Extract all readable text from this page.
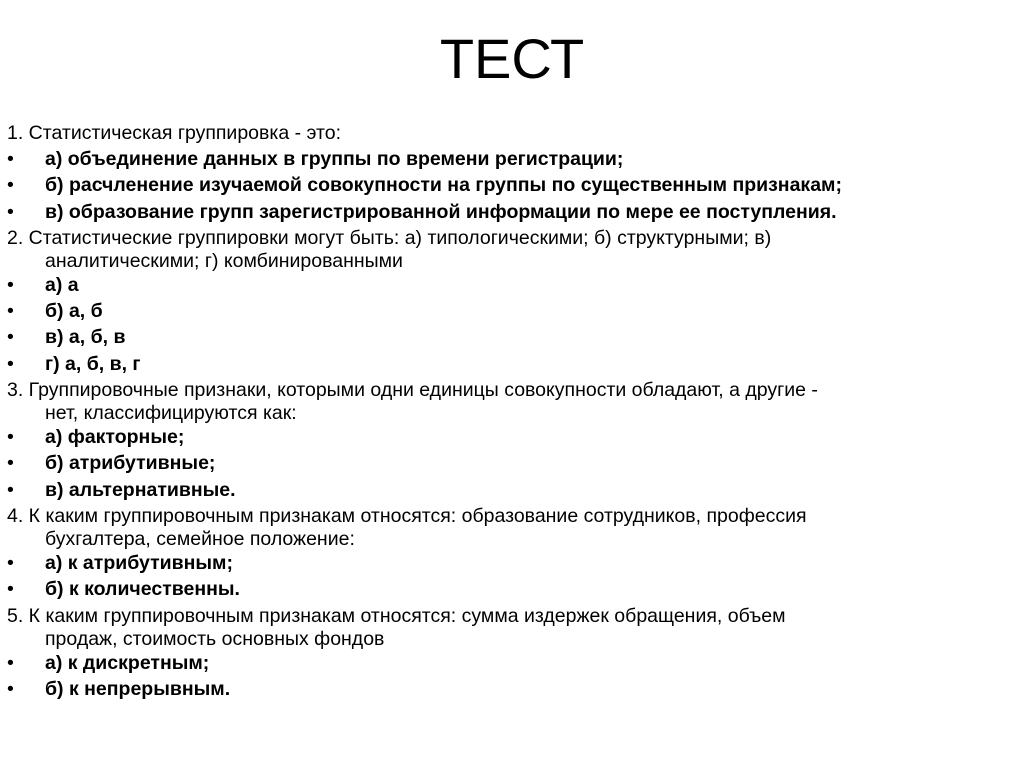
ТЕСТ
1. Статистическая группировка - это:
• а) объединение данных в группы по времени регистрации;
• б) расчленение изучаемой совокупности на группы по существенным признакам;
• в) образование групп зарегистрированной информации по мере ее поступления.
2. Статистические группировки могут быть: а) типологическими; б) структурными; в)
аналитическими; г) комбинированными
• а) а
• б) а, б
• в) а, б, в
• г) а, б, в, г
3. Группировочные признаки, которыми одни единицы совокупности обладают, а другие -
нет, классифицируются как:
• а) факторные;
• б) атрибутивные;
• в) альтернативные.
4. К каким группировочным признакам относятся: образование сотрудников, профессия
бухгалтера, семейное положение:
• а) к атрибутивным;
• б) к количественны.
5. К каким группировочным признакам относятся: сумма издержек обращения, объем
продаж, стоимость основных фондов
• а) к дискретным;
• б) к непрерывным.
